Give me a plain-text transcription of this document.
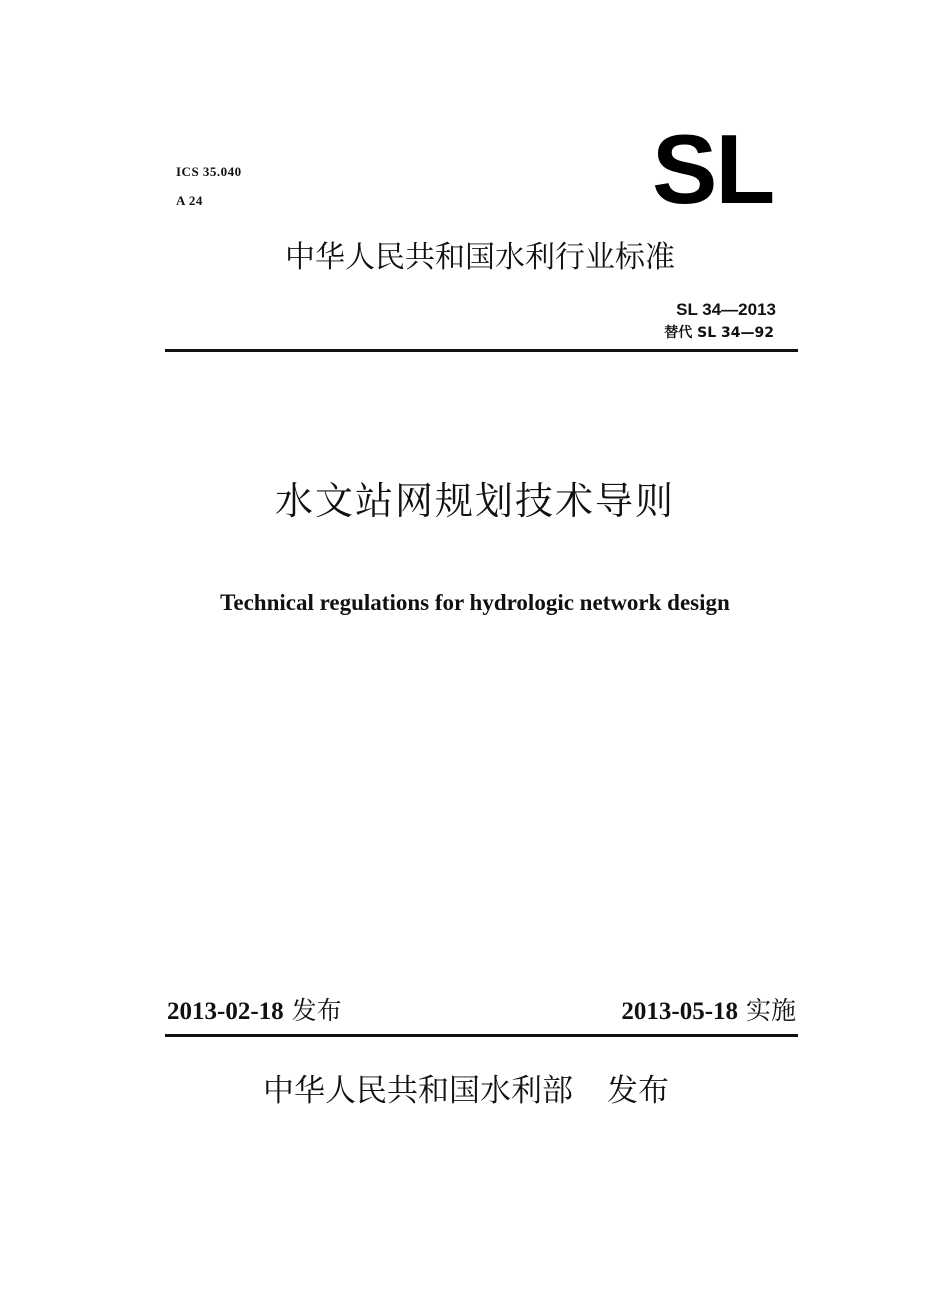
ICS 35.040
A 24	SL
中华人民共和国水利行业标准
SL 34—2013
替代 SL 34—92
水文站网规划技术导则
Technical regulations for hydrologic network design
2013-02-18 发布	2013-05-18 实施
中华人民共和国水利部 发布
